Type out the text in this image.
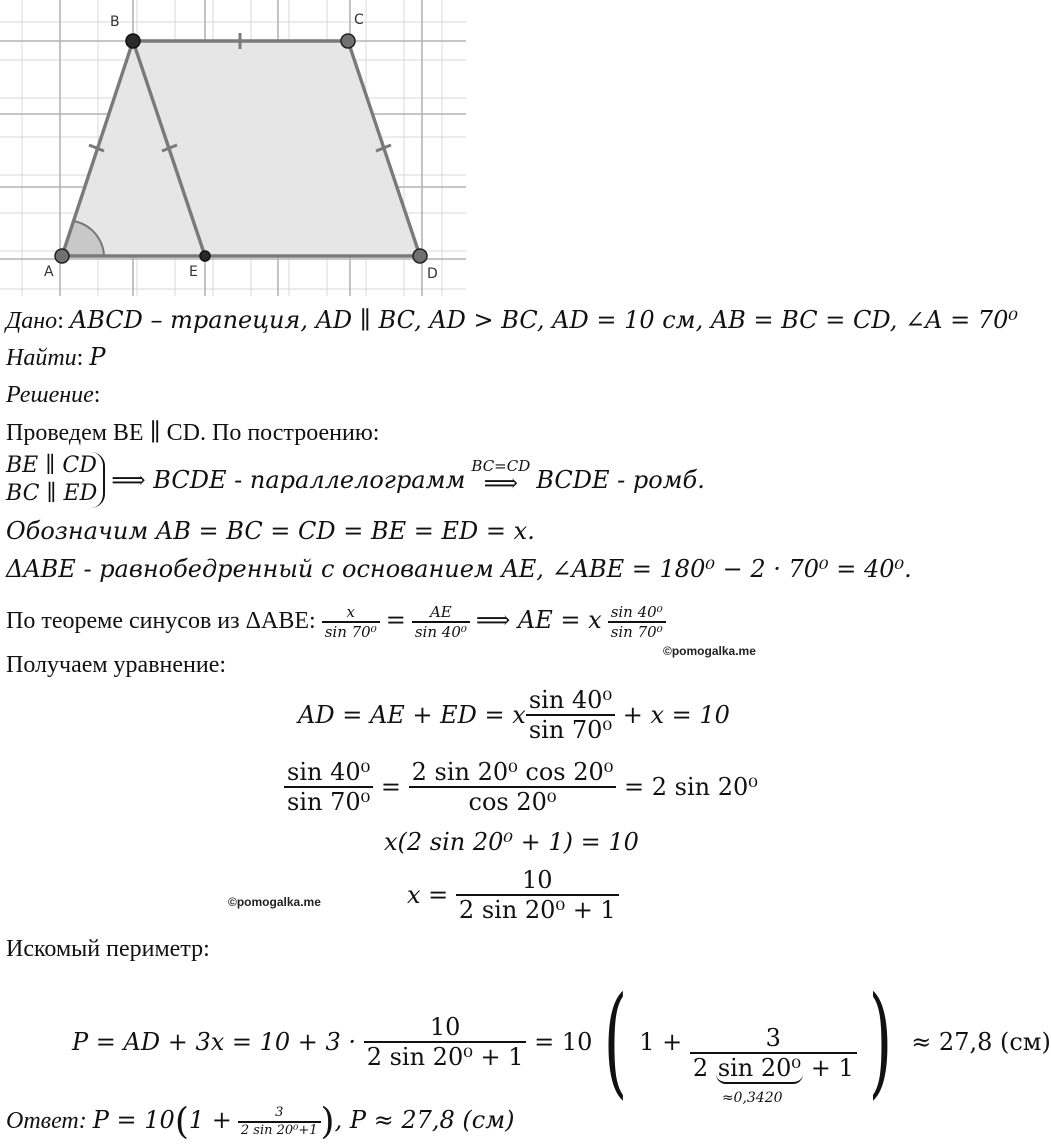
B	C
A	E	D
Дано: ABCD – трапеция, AD ∥ BC, AD > BC, AD = 10 см, AB = BC = CD, ∠A = 70⁰
Найти: P
Решение:
Проведем BE ∥ CD. По построению:
BE ∥ CD
BC ∥ ED ⟹ BCDE - параллелограмм BC=CD
⟹ BCDE - ромб.
Обозначим AB = BC = CD = BE = ED = x.
ΔABE - равнобедренный с основанием AE, ∠ABE = 180⁰ − 2 · 70⁰ = 40⁰.
По теореме синусов из ΔABE: $\frac{x}{\text{sin 70⁰}} = \frac{AE}{\text{sin 40⁰}}$ ⟹ AE = x $\frac{\text{sin 40⁰}}{\text{sin 70⁰}}$
©pomogalka.me
Получаем уравнение:
AD = AE + ED = x $\frac{\text{sin 40⁰}}{\text{sin 70⁰}} + x = 10$
$\frac{\text{sin 40⁰}}{\text{sin 70⁰}} = \frac{\text{2 sin 20⁰ cos 20⁰}}{\text{cos 20⁰}} = 2$ sin 20⁰
x(2 sin 20⁰ + 1) = 10
$x = \frac{10}{\text{2 sin 20⁰ + 1}}$
©pomogalka.me
Искомый периметр:
P = AD + $3x = 10 + 3 \cdot \frac{10}{\text{2 sin 20⁰ + 1}} = 10$( 1 + 3
2 sin 20⁰
≈0,3420
+ 1 ) ≈ 27,8 (см)
Ответ: $P = 10(1 + \frac{3}{\text{2 sin 20⁰+1}}$ ), P ≈ 27,8 (см)
